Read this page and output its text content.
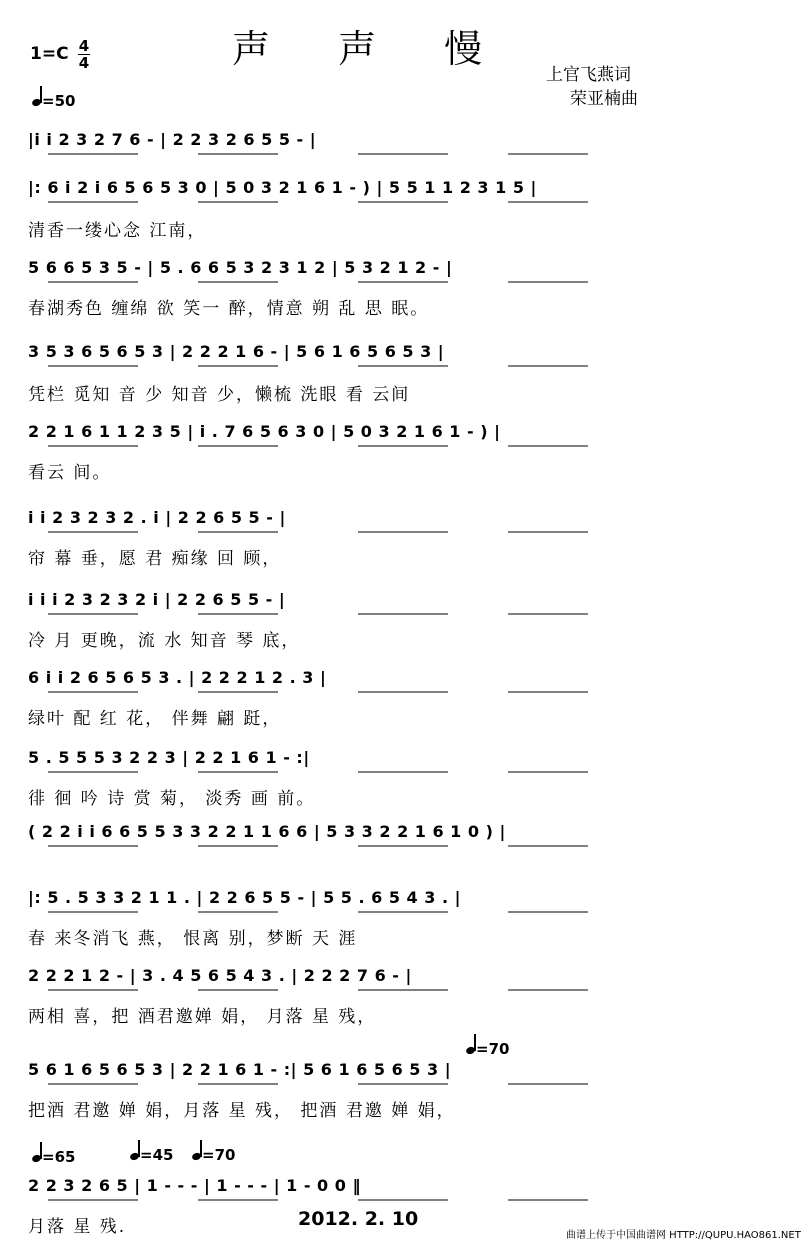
声 声 慢
1=C 4
4
=50
上官飞燕词
荣亚楠曲
|i i 2 3 2 7 6 - | 2 2 3 2 6 5 5 - |
|: 6 i 2 i 6 5 6 5 3 0 | 5 0 3 2 1 6 1 - ) | 5 5 1 1 2 3 1 5 |
清香一缕心念 江南，
5 6 6 5 3 5 - | 5 . 6 6 5 3 2 3 1 2 | 5 3 2 1 2 - |
春湖秀色 缠绵 欲 笑一 醉，情意 朔 乱 思 眠。
3 5 3 6 5 6 5 3 | 2 2 2 1 6 - | 5 6 1 6 5 6 5 3 |
凭栏 觅知 音 少 知音 少，懒梳 洗眼 看 云间
2 2 1 6 1 1 2 3 5 | i . 7 6 5 6 3 0 | 5 0 3 2 1 6 1 - ) |
看云 间。
i i 2 3 2 3 2 . i | 2 2 6 5 5 - |
帘 幕 垂，愿 君 痴缘 回 顾，
i i i 2 3 2 3 2 i | 2 2 6 5 5 - |
冷 月 更晚，流 水 知音 琴 底，
6 i i 2 6 5 6 5 3 . | 2 2 2 1 2 . 3 |
绿叶 配 红 花， 伴舞 翩 跹，
5 . 5 5 5 3 2 2 3 | 2 2 1 6 1 - :|
徘 徊 吟 诗 赏 菊， 淡秀 画 前。
( 2 2 i i 6 6 5 5 3 3 2 2 1 1 6 6 | 5 3 3 2 2 1 6 1 0 ) |
|: 5 . 5 3 3 2 1 1 . | 2 2 6 5 5 - | 5 5 . 6 5 4 3 . |
春 来冬消飞 燕， 恨离 别，梦断 天 涯
2 2 2 1 2 - | 3 . 4 5 6 5 4 3 . | 2 2 2 7 6 - |
两相 喜，把 酒君邀婵 娟， 月落 星 残，
5 6 1 6 5 6 5 3 | 2 2 1 6 1 - :| 5 6 1 6 5 6 5 3 |
把酒 君邀 婵 娟，月落 星 残， 把酒 君邀 婵 娟，
2 2 3 2 6 5 | 1 - - - | 1 - - - | 1 - 0 0 ‖
月落 星 残.
=70
=65	=45	=70
2012. 2. 10
曲谱上传于中国曲谱网 HTTP://QUPU.HAO861.NET
